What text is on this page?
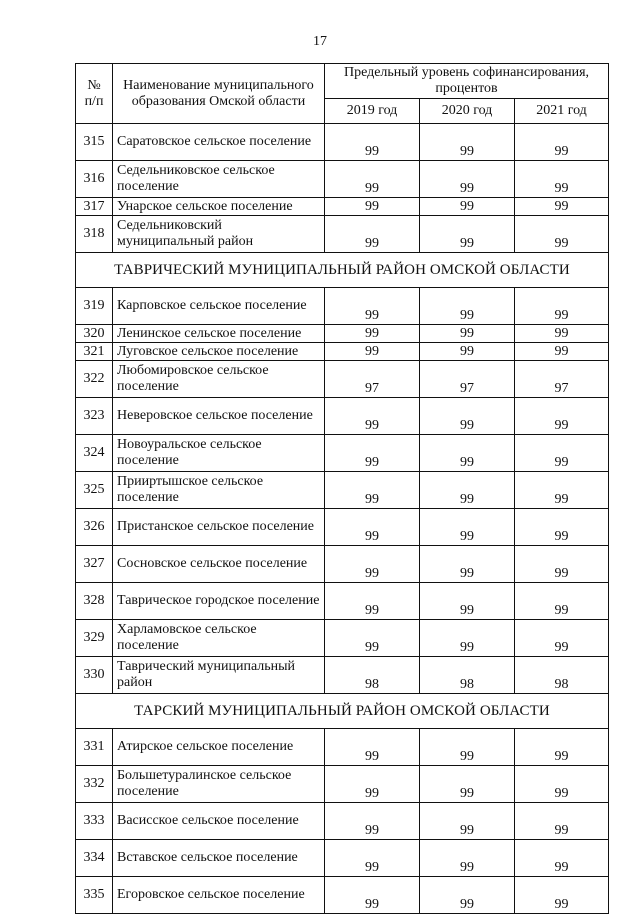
17
№ п/п	Наименование муниципального образования Омской области	Предельный уровень софинансирования, процентов		
		2019 год	2020 год	2021 год
315	Саратовское сельское поселение	99	99	99
316	Седельниковское сельское поселение	99	99	99
317	Унарское сельское поселение	99	99	99
318	Седельниковский муниципальный район	99	99	99
ТАВРИЧЕСКИЙ МУНИЦИПАЛЬНЫЙ РАЙОН ОМСКОЙ ОБЛАСТИ				
319	Карповское сельское поселение	99	99	99
320	Ленинское сельское поселение	99	99	99
321	Луговское сельское поселение	99	99	99
322	Любомировское сельское поселение	97	97	97
323	Неверовское сельское поселение	99	99	99
324	Новоуральское сельское поселение	99	99	99
325	Прииртышское сельское поселение	99	99	99
326	Пристанское сельское поселение	99	99	99
327	Сосновское сельское поселение	99	99	99
328	Таврическое городское поселение	99	99	99
329	Харламовское сельское поселение	99	99	99
330	Таврический муниципальный район	98	98	98
ТАРСКИЙ МУНИЦИПАЛЬНЫЙ РАЙОН ОМСКОЙ ОБЛАСТИ				
331	Атирское сельское поселение	99	99	99
332	Большетуралинское сельское поселение	99	99	99
333	Васисское сельское поселение	99	99	99
334	Вставское сельское поселение	99	99	99
335	Егоровское сельское поселение	99	99	99
